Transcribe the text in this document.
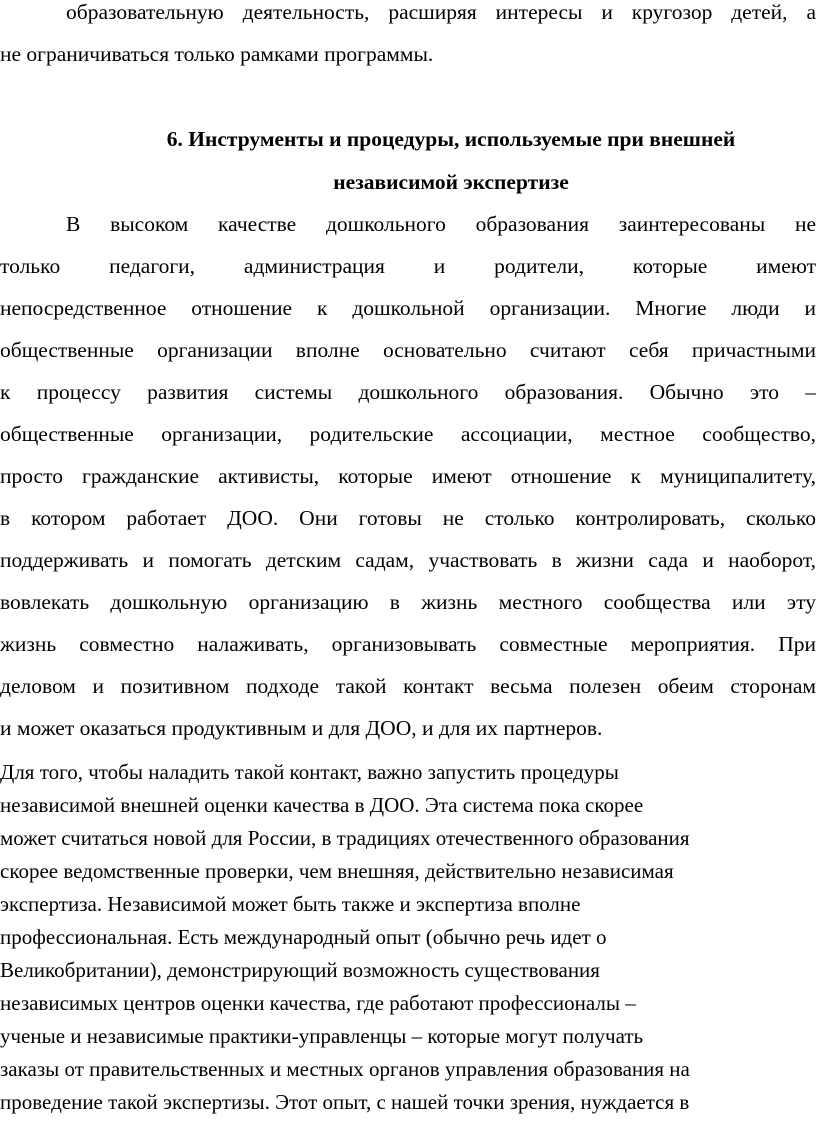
образовательную деятельность, расширяя интересы и кругозор детей, а
не ограничиваться только рамками программы.
6. Инструменты и процедуры, используемые при внешней
независимой экспертизе
В высоком качестве дошкольного образования заинтересованы не
только педагоги, администрация и родители, которые имеют
непосредственное отношение к дошкольной организации. Многие люди и
общественные организации вполне основательно считают себя причастными
к процессу развития системы дошкольного образования. Обычно это –
общественные организации, родительские ассоциации, местное сообщество,
просто гражданские активисты, которые имеют отношение к муниципалитету,
в котором работает ДОО. Они готовы не столько контролировать, сколько
поддерживать и помогать детским садам, участвовать в жизни сада и наоборот,
вовлекать дошкольную организацию в жизнь местного сообщества или эту
жизнь совместно налаживать, организовывать совместные мероприятия. При
деловом и позитивном подходе такой контакт весьма полезен обеим сторонам
и может оказаться продуктивным и для ДОО, и для их партнеров.
Для того, чтобы наладить такой контакт, важно запустить процедуры
независимой внешней оценки качества в ДОО. Эта система пока скорее
может считаться новой для России, в традициях отечественного образования
скорее ведомственные проверки, чем внешняя, действительно независимая
экспертиза. Независимой может быть также и экспертиза вполне
профессиональная. Есть международный опыт (обычно речь идет о
Великобритании), демонстрирующий возможность существования
независимых центров оценки качества, где работают профессионалы –
ученые и независимые практики-управленцы – которые могут получать
заказы от правительственных и местных органов управления образования на
проведение такой экспертизы. Этот опыт, с нашей точки зрения, нуждается в
